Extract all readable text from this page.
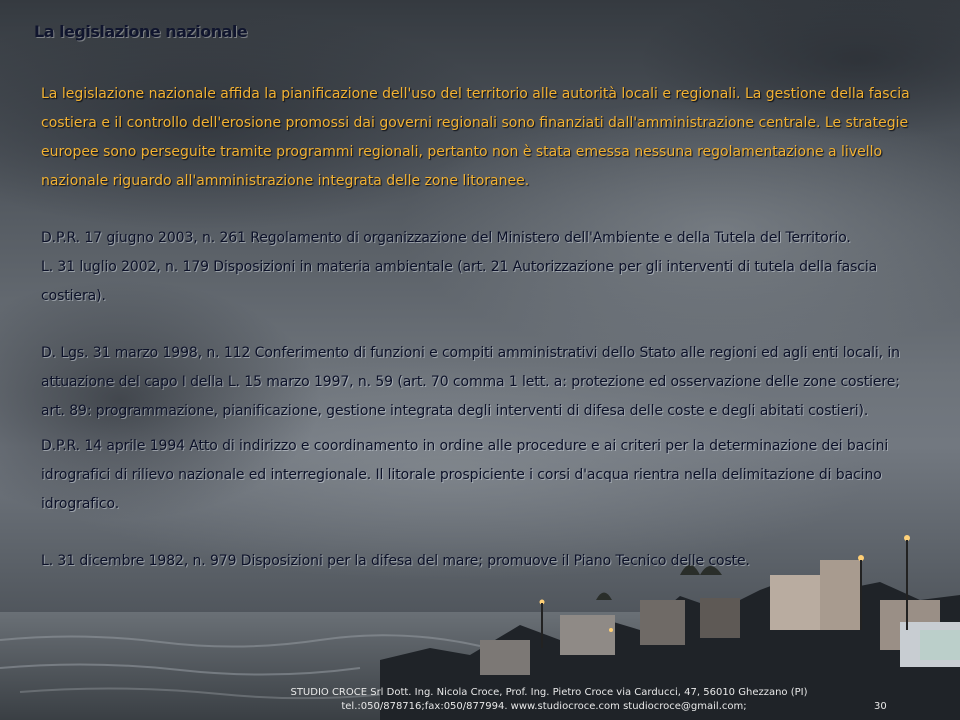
La legislazione nazionale

La legislazione nazionale affida la pianificazione dell'uso del territorio alle autorità locali e regionali. La gestione della fascia costiera e il controllo dell'erosione promossi dai governi regionali sono finanziati dall'amministrazione centrale. Le strategie europee sono perseguite tramite programmi regionali, pertanto non è stata emessa nessuna regolamentazione a livello nazionale riguardo all'amministrazione integrata delle zone litoranee.

D.P.R. 17 giugno 2003, n. 261 Regolamento di organizzazione del Ministero dell'Ambiente e della Tutela del Territorio.

L. 31 luglio 2002, n. 179 Disposizioni in materia ambientale (art. 21 Autorizzazione per gli interventi di tutela della fascia costiera).

D. Lgs. 31 marzo 1998, n. 112 Conferimento di funzioni e compiti amministrativi dello Stato alle regioni ed agli enti locali, in attuazione del capo I della L. 15 marzo 1997, n. 59 (art. 70 comma 1 lett. a: protezione ed osservazione delle zone costiere; art. 89: programmazione, pianificazione, gestione integrata degli interventi di difesa delle coste e degli abitati costieri).

D.P.R. 14 aprile 1994 Atto di indirizzo e coordinamento in ordine alle procedure e ai criteri per la determinazione dei bacini idrografici di rilievo nazionale ed interregionale. Il litorale prospiciente i corsi d'acqua rientra nella delimitazione di bacino idrografico.

L. 31 dicembre 1982, n. 979 Disposizioni per la difesa del mare; promuove il Piano Tecnico delle coste.

STUDIO CROCE Srl Dott. Ing. Nicola Croce, Prof. Ing. Pietro Croce via Carducci, 47, 56010 Ghezzano (PI)
tel.:050/878716;fax:050/877994. www.studiocroce.com studiocroce@gmail.com;	30
